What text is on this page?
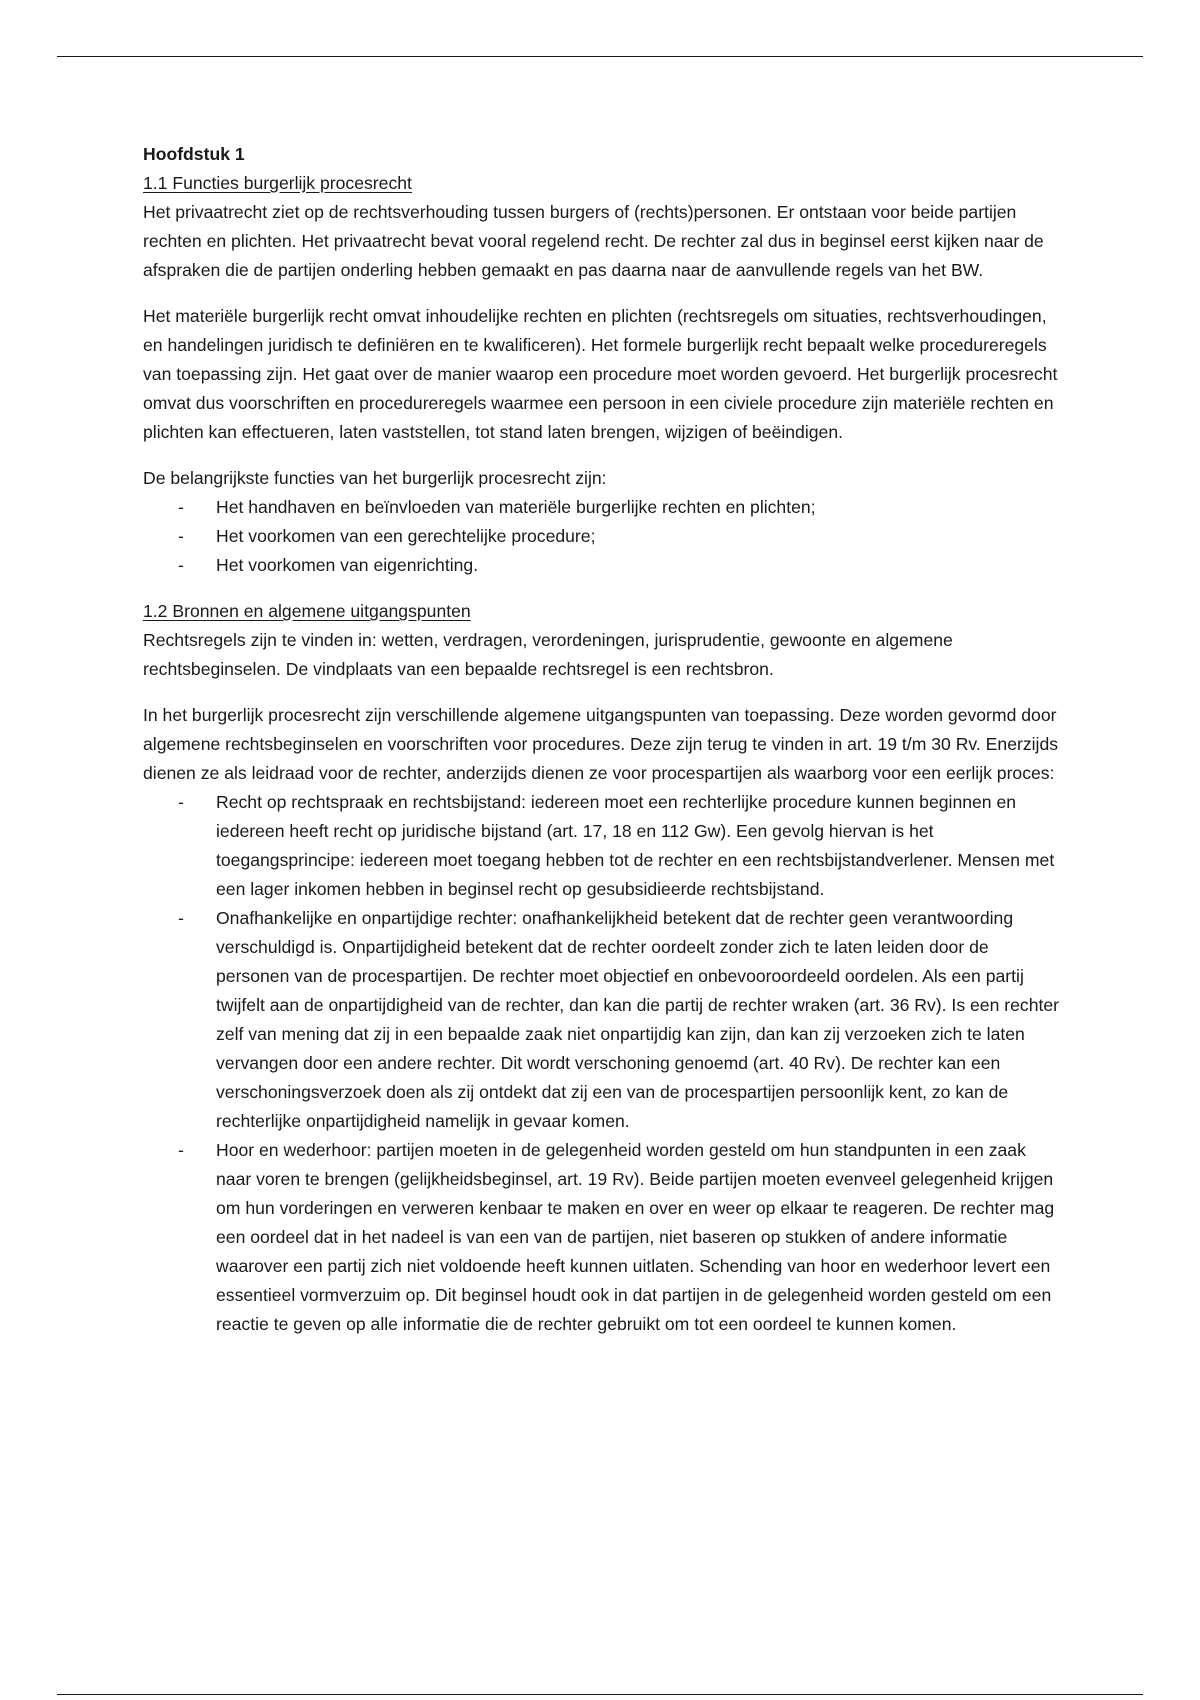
Hoofdstuk 1

1.1 Functies burgerlijk procesrecht

Het privaatrecht ziet op de rechtsverhouding tussen burgers of (rechts)personen. Er ontstaan voor beide partijen rechten en plichten. Het privaatrecht bevat vooral regelend recht. De rechter zal dus in beginsel eerst kijken naar de afspraken die de partijen onderling hebben gemaakt en pas daarna naar de aanvullende regels van het BW.

Het materiële burgerlijk recht omvat inhoudelijke rechten en plichten (rechtsregels om situaties, rechtsverhoudingen, en handelingen juridisch te definiëren en te kwalificeren). Het formele burgerlijk recht bepaalt welke procedureregels van toepassing zijn. Het gaat over de manier waarop een procedure moet worden gevoerd. Het burgerlijk procesrecht omvat dus voorschriften en procedureregels waarmee een persoon in een civiele procedure zijn materiële rechten en plichten kan effectueren, laten vaststellen, tot stand laten brengen, wijzigen of beëindigen.

De belangrijkste functies van het burgerlijk procesrecht zijn:

- Het handhaven en beïnvloeden van materiële burgerlijke rechten en plichten;
- Het voorkomen van een gerechtelijke procedure;
- Het voorkomen van eigenrichting.

1.2 Bronnen en algemene uitgangspunten

Rechtsregels zijn te vinden in: wetten, verdragen, verordeningen, jurisprudentie, gewoonte en algemene rechtsbeginselen. De vindplaats van een bepaalde rechtsregel is een rechtsbron.

In het burgerlijk procesrecht zijn verschillende algemene uitgangspunten van toepassing. Deze worden gevormd door algemene rechtsbeginselen en voorschriften voor procedures. Deze zijn terug te vinden in art. 19 t/m 30 Rv. Enerzijds dienen ze als leidraad voor de rechter, anderzijds dienen ze voor procespartijen als waarborg voor een eerlijk proces:

- Recht op rechtspraak en rechtsbijstand: iedereen moet een rechterlijke procedure kunnen beginnen en iedereen heeft recht op juridische bijstand (art. 17, 18 en 112 Gw). Een gevolg hiervan is het toegangsprincipe: iedereen moet toegang hebben tot de rechter en een rechtsbijstandverlener. Mensen met een lager inkomen hebben in beginsel recht op gesubsidieerde rechtsbijstand.
- Onafhankelijke en onpartijdige rechter: onafhankelijkheid betekent dat de rechter geen verantwoording verschuldigd is. Onpartijdigheid betekent dat de rechter oordeelt zonder zich te laten leiden door de personen van de procespartijen. De rechter moet objectief en onbevooroordeeld oordelen. Als een partij twijfelt aan de onpartijdigheid van de rechter, dan kan die partij de rechter wraken (art. 36 Rv). Is een rechter zelf van mening dat zij in een bepaalde zaak niet onpartijdig kan zijn, dan kan zij verzoeken zich te laten vervangen door een andere rechter. Dit wordt verschoning genoemd (art. 40 Rv). De rechter kan een verschoningsverzoek doen als zij ontdekt dat zij een van de procespartijen persoonlijk kent, zo kan de rechterlijke onpartijdigheid namelijk in gevaar komen.
- Hoor en wederhoor: partijen moeten in de gelegenheid worden gesteld om hun standpunten in een zaak naar voren te brengen (gelijkheidsbeginsel, art. 19 Rv). Beide partijen moeten evenveel gelegenheid krijgen om hun vorderingen en verweren kenbaar te maken en over en weer op elkaar te reageren. De rechter mag een oordeel dat in het nadeel is van een van de partijen, niet baseren op stukken of andere informatie waarover een partij zich niet voldoende heeft kunnen uitlaten. Schending van hoor en wederhoor levert een essentieel vormverzuim op. Dit beginsel houdt ook in dat partijen in de gelegenheid worden gesteld om een reactie te geven op alle informatie die de rechter gebruikt om tot een oordeel te kunnen komen.
